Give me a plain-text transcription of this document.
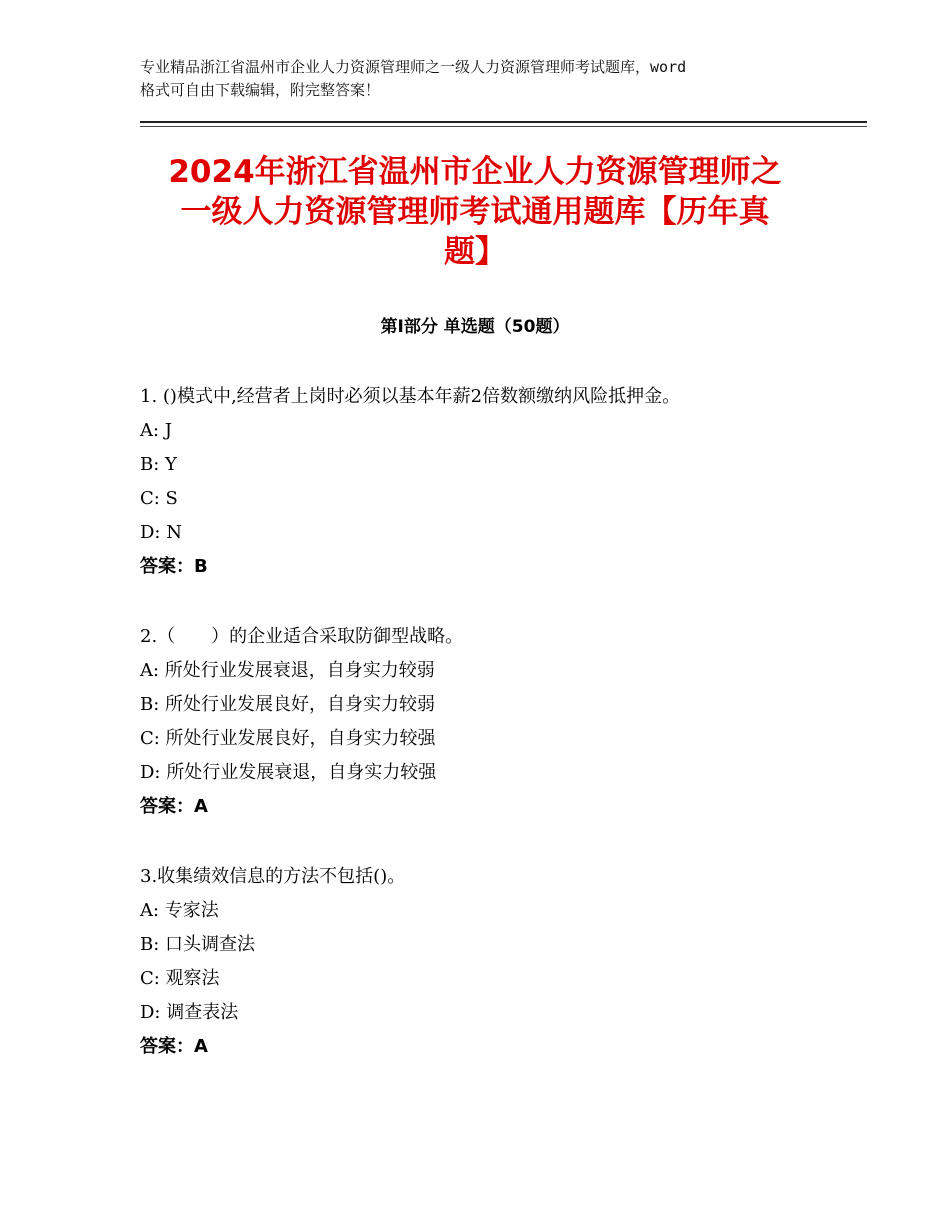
专业精品浙江省温州市企业人力资源管理师之一级人力资源管理师考试题库，word
格式可自由下载编辑，附完整答案！
2024年浙江省温州市企业人力资源管理师之
一级人力资源管理师考试通用题库【历年真
题】
第Ⅰ部分 单选题（50题）

1. ()模式中,经营者上岗时必须以基本年薪2倍数额缴纳风险抵押金。

A: J

B: Y

C: S

D: N

答案：B

2.（　　）的企业适合采取防御型战略。

A: 所处行业发展衰退，自身实力较弱

B: 所处行业发展良好，自身实力较弱

C: 所处行业发展良好，自身实力较强

D: 所处行业发展衰退，自身实力较强

答案：A

3.收集绩效信息的方法不包括()。

A: 专家法

B: 口头调查法

C: 观察法

D: 调查表法

答案：A
